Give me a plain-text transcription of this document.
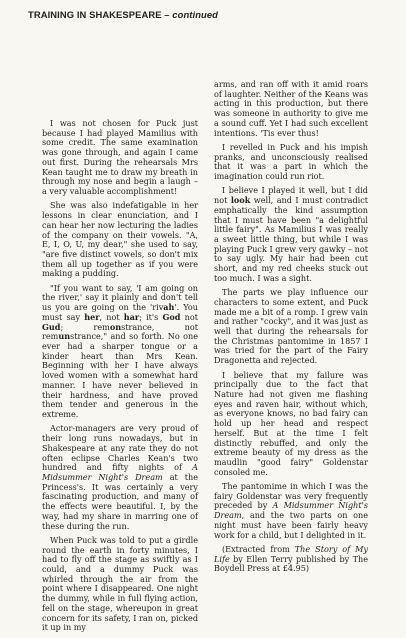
TRAINING IN SHAKESPEARE – continued

I was not chosen for Puck just because I had played Mamilius with some credit. The same examination was gone through, and again I came out first. During the rehearsals Mrs Kean taught me to draw my breath in through my nose and begin a laugh – a very valuable accomplishment!

She was also indefatigable in her lessons in clear enunciation, and I can hear her now lecturing the ladies of the company on their vowels. "A, E, I, O, U, my dear," she used to say, "are five distinct vowels, so don't mix them all up together as if you were making a pudding.

"If you want to say, 'I am going on the river,' say it plainly and don't tell us you are going on the 'rivah'. You must say her, not har; it's God not Gud; remonstrance, not remunstrance," and so forth. No one ever had a sharper tongue or a kinder heart than Mrs Kean. Beginning with her I have always loved women with a somewhat hard manner. I have never believed in their hardness, and have proved them tender and generous in the extreme.

Actor-managers are very proud of their long runs nowadays, but in Shakespeare at any rate they do not often eclipse Charles Kean's two hundred and fifty nights of A Midsummer Night's Dream at the Princess's. It was certainly a very fascinating production, and many of the effects were beautiful. I, by the way, had my share in marring one of these during the run.

When Puck was told to put a girdle round the earth in forty minutes, I had to fly off the stage as swiftly as I could, and a dummy Puck was whirled through the air from the point where I disappeared. One night the dummy, while in full flying action, fell on the stage, whereupon in great concern for its safety, I ran on, picked it up in my

arms, and ran off with it amid roars of laughter. Neither of the Keans was acting in this production, but there was someone in authority to give me a sound cuff. Yet I had such excellent intentions. 'Tis ever thus!

I revelled in Puck and his impish pranks, and unconsciously realised that it was a part in which the imagination could run riot.

I believe I played it well, but I did not look well, and I must contradict emphatically the kind assumption that I must have been "a delightful little fairy". As Mamilius I was really a sweet little thing, but while I was playing Puck I grew very gawky – not to say ugly. My hair had been cut short, and my red cheeks stuck out too much. I was a sight.

The parts we play influence our characters to some extent, and Puck made me a bit of a romp. I grew vain and rather "cocky", and it was just as well that during the rehearsals for the Christmas pantomime in 1857 I was tried for the part of the Fairy Dragonetta and rejected.

I believe that my failure was principally due to the fact that Nature had not given me flashing eyes and raven hair, without which, as everyone knows, no bad fairy can hold up her head and respect herself. But at the time I felt distinctly rebuffed, and only the extreme beauty of my dress as the maudlin "good fairy" Goldenstar consoled me.

The pantomime in which I was the fairy Goldenstar was very frequently preceded by A Midsummer Night's Dream, and the two parts on one night must have been fairly heavy work for a child, but I delighted in it.

(Extracted from The Story of My Life by Ellen Terry published by The Boydell Press at £4.95)
